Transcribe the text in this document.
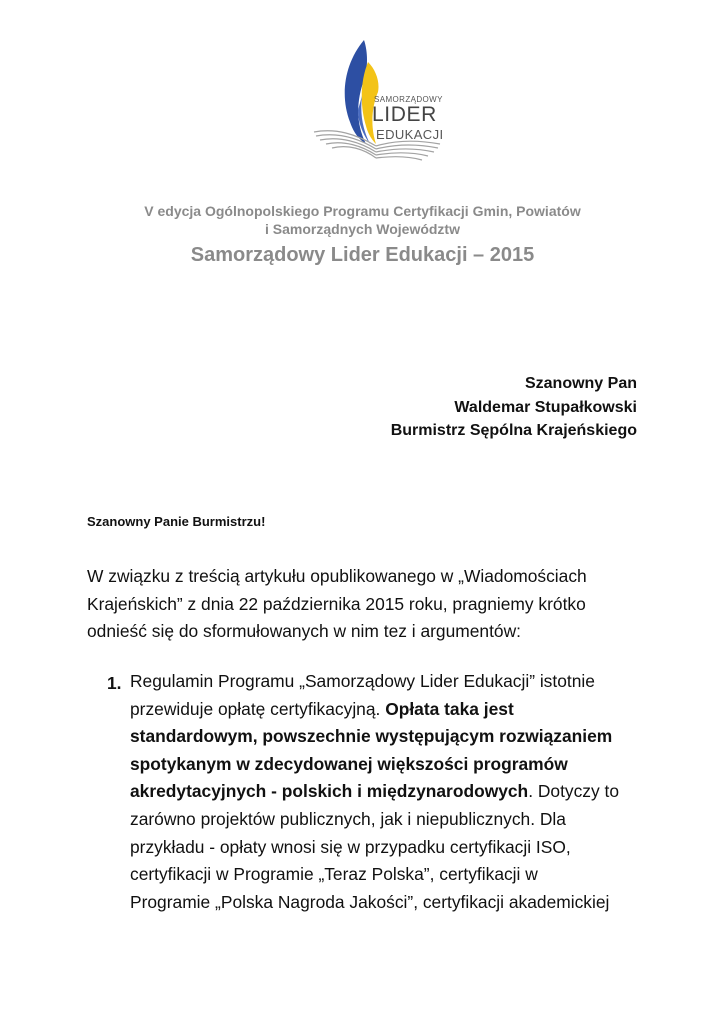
SAMORZĄDOWY
LIDER
EDUKACJI
V edycja Ogólnopolskiego Programu Certyfikacji Gmin, Powiatów
i Samorządnych Województw
Samorządowy Lider Edukacji – 2015
Szanowny Pan
Waldemar Stupałkowski
Burmistrz Sępólna Krajeńskiego
Szanowny Panie Burmistrzu!
W związku z treścią artykułu opublikowanego w „Wiadomościach
Krajeńskich” z dnia 22 października 2015 roku, pragniemy krótko
odnieść się do sformułowanych w nim tez i argumentów:
1. Regulamin Programu „Samorządowy Lider Edukacji” istotnie
przewiduje opłatę certyfikacyjną. Opłata taka jest
standardowym, powszechnie występującym rozwiązaniem
spotykanym w zdecydowanej większości programów
akredytacyjnych - polskich i międzynarodowych. Dotyczy to
zarówno projektów publicznych, jak i niepublicznych. Dla
przykładu - opłaty wnosi się w przypadku certyfikacji ISO,
certyfikacji w Programie „Teraz Polska”, certyfikacji w
Programie „Polska Nagroda Jakości”, certyfikacji akademickiej
